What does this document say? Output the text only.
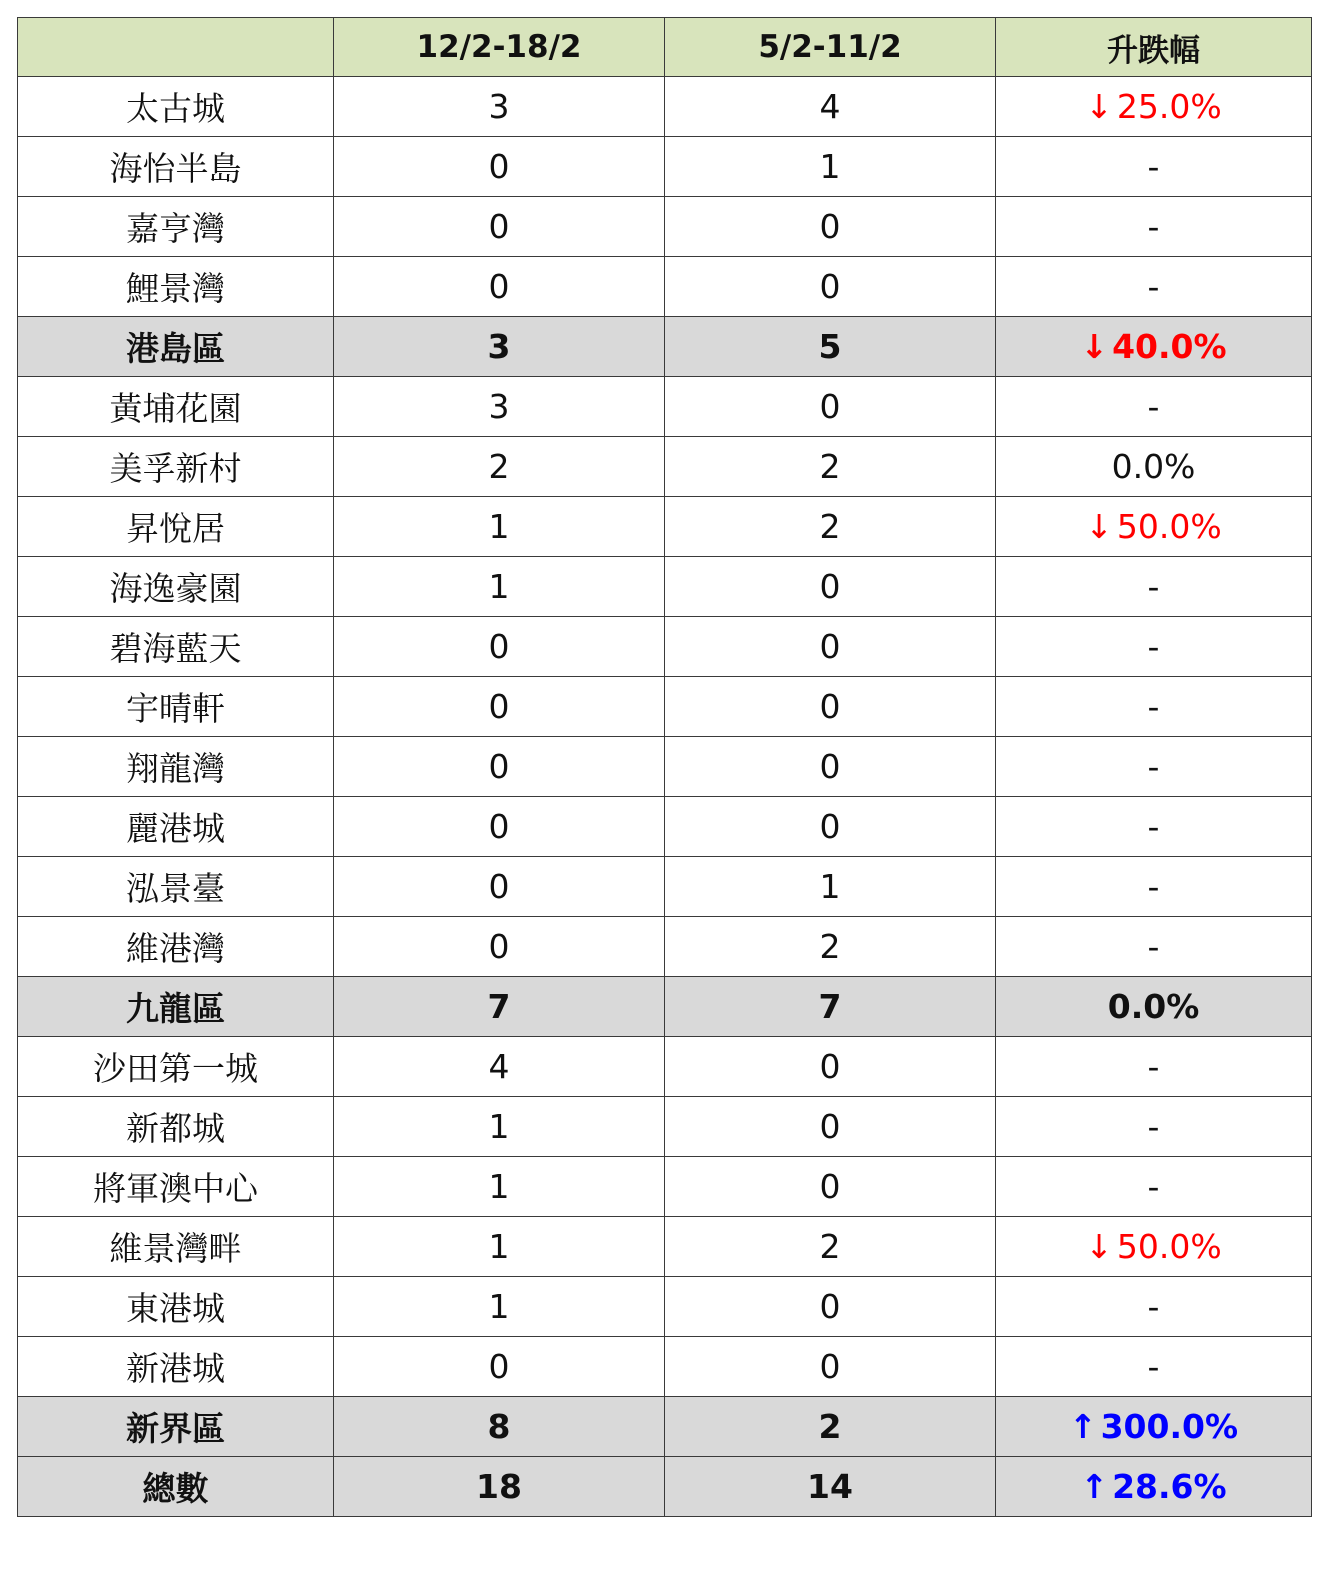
	12/2-18/2	5/2-11/2	升跌幅
太古城	3	4	↓ 25.0%
海怡半島	0	1	-
嘉亨灣	0	0	-
鯉景灣	0	0	-
港島區	3	5	↓ 40.0%
黃埔花園	3	0	-
美孚新村	2	2	0.0%
昇悅居	1	2	↓ 50.0%
海逸豪園	1	0	-
碧海藍天	0	0	-
宇晴軒	0	0	-
翔龍灣	0	0	-
麗港城	0	0	-
泓景臺	0	1	-
維港灣	0	2	-
九龍區	7	7	0.0%
沙田第一城	4	0	-
新都城	1	0	-
將軍澳中心	1	0	-
維景灣畔	1	2	↓ 50.0%
東港城	1	0	-
新港城	0	0	-
新界區	8	2	↑ 300.0%
總數	18	14	↑ 28.6%
